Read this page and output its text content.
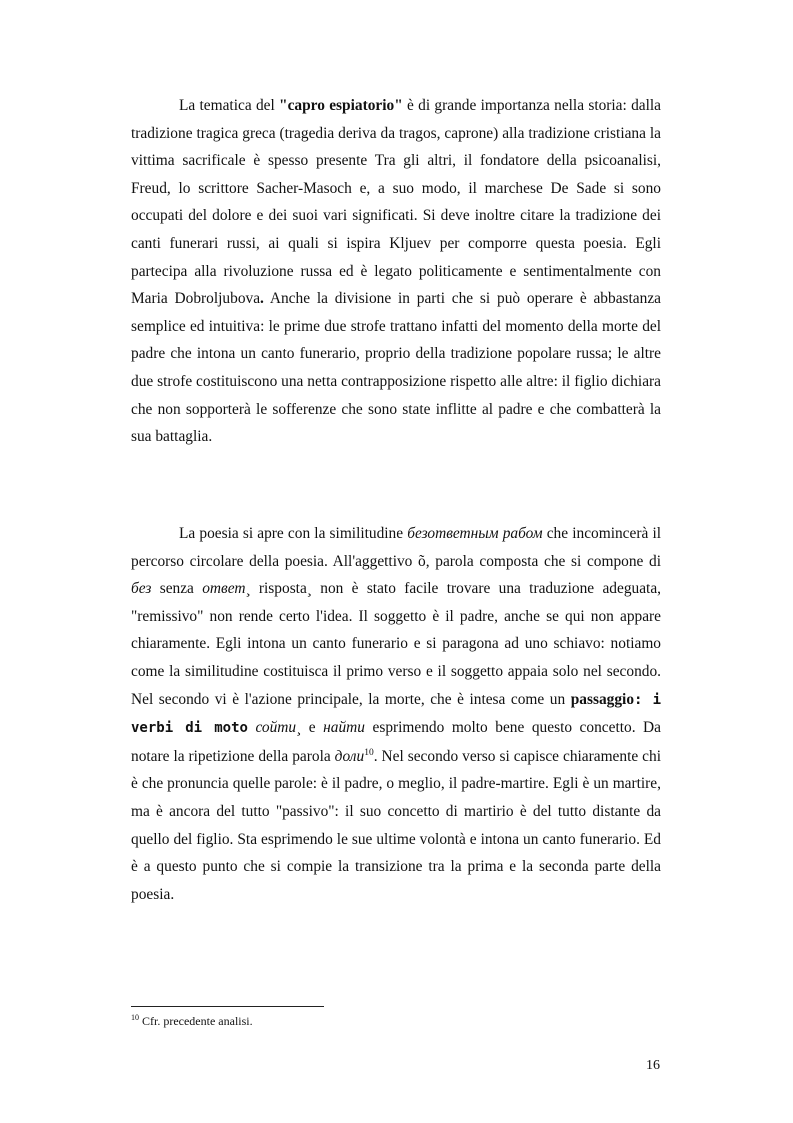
La tematica del "capro espiatorio" è di grande importanza nella storia: dalla tradizione tragica greca (tragedia deriva da tragos, caprone) alla tradizione cristiana la vittima sacrificale è spesso presente Tra gli altri, il fondatore della psicoanalisi, Freud, lo scrittore Sacher-Masoch e, a suo modo, il marchese De Sade si sono occupati del dolore e dei suoi vari significati. Si deve inoltre citare la tradizione dei canti funerari russi, ai quali si ispira Kljuev per comporre questa poesia. Egli partecipa alla rivoluzione russa ed è legato politicamente e sentimentalmente con Maria Dobroljubova. Anche la divisione in parti che si può operare è abbastanza semplice ed intuitiva: le prime due strofe trattano infatti del momento della morte del padre che intona un canto funerario, proprio della tradizione popolare russa; le altre due strofe costituiscono una netta contrapposizione rispetto alle altre: il figlio dichiara che non sopporterà le sofferenze che sono state inflitte al padre e che combatterà la sua battaglia.

La poesia si apre con la similitudine безответным рабом che incomincerà il percorso circolare della poesia. All'aggettivo õ, parola composta che si compone di без senza ответ¸ risposta¸ non è stato facile trovare una traduzione adeguata, "remissivo" non rende certo l'idea. Il soggetto è il padre, anche se qui non appare chiaramente. Egli intona un canto funerario e si paragona ad uno schiavo: notiamo come la similitudine costituisca il primo verso e il soggetto appaia solo nel secondo. Nel secondo vi è l'azione principale, la morte, che è intesa come un passaggio: i verbi di moto сойти¸ e найти esprimendo molto bene questo concetto. Da notare la ripetizione della parola доли$^{10}$. Nel secondo verso si capisce chiaramente chi è che pronuncia quelle parole: è il padre, o meglio, il padre-martire. Egli è un martire, ma è ancora del tutto "passivo": il suo concetto di martirio è del tutto distante da quello del figlio. Sta esprimendo le sue ultime volontà e intona un canto funerario. Ed è a questo punto che si compie la transizione tra la prima e la seconda parte della poesia.

$^{10}$ Cfr. precedente analisi.
16
